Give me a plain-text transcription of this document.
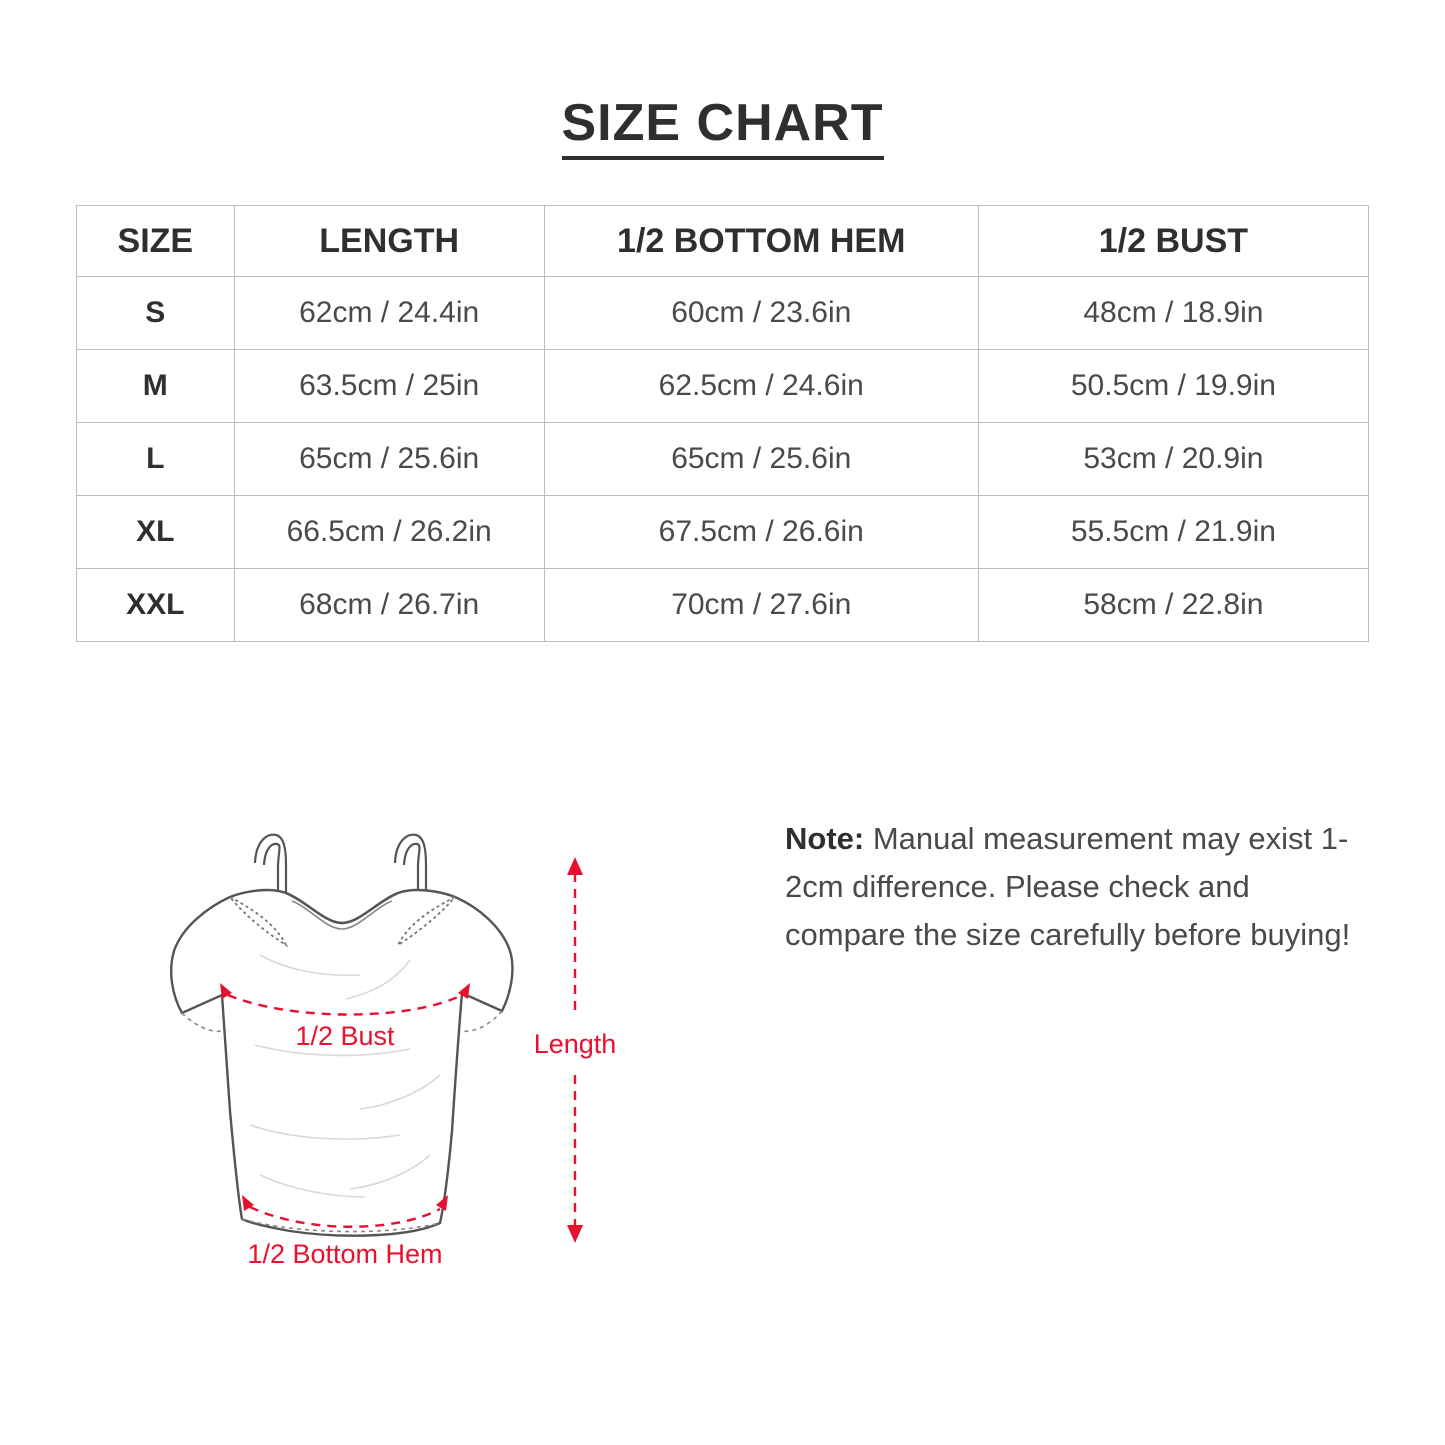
SIZE CHART
SIZE	LENGTH	1/2 BOTTOM HEM	1/2 BUST
S	62cm / 24.4in	60cm / 23.6in	48cm / 18.9in
M	63.5cm / 25in	62.5cm / 24.6in	50.5cm / 19.9in
L	65cm / 25.6in	65cm / 25.6in	53cm / 20.9in
XL	66.5cm / 26.2in	67.5cm / 26.6in	55.5cm / 21.9in
XXL	68cm / 26.7in	70cm / 27.6in	58cm / 22.8in
1/2 Bust
1/2 Bottom Hem
Length
Note: Manual measurement may exist 1-2cm difference. Please check and compare the size carefully before buying!
